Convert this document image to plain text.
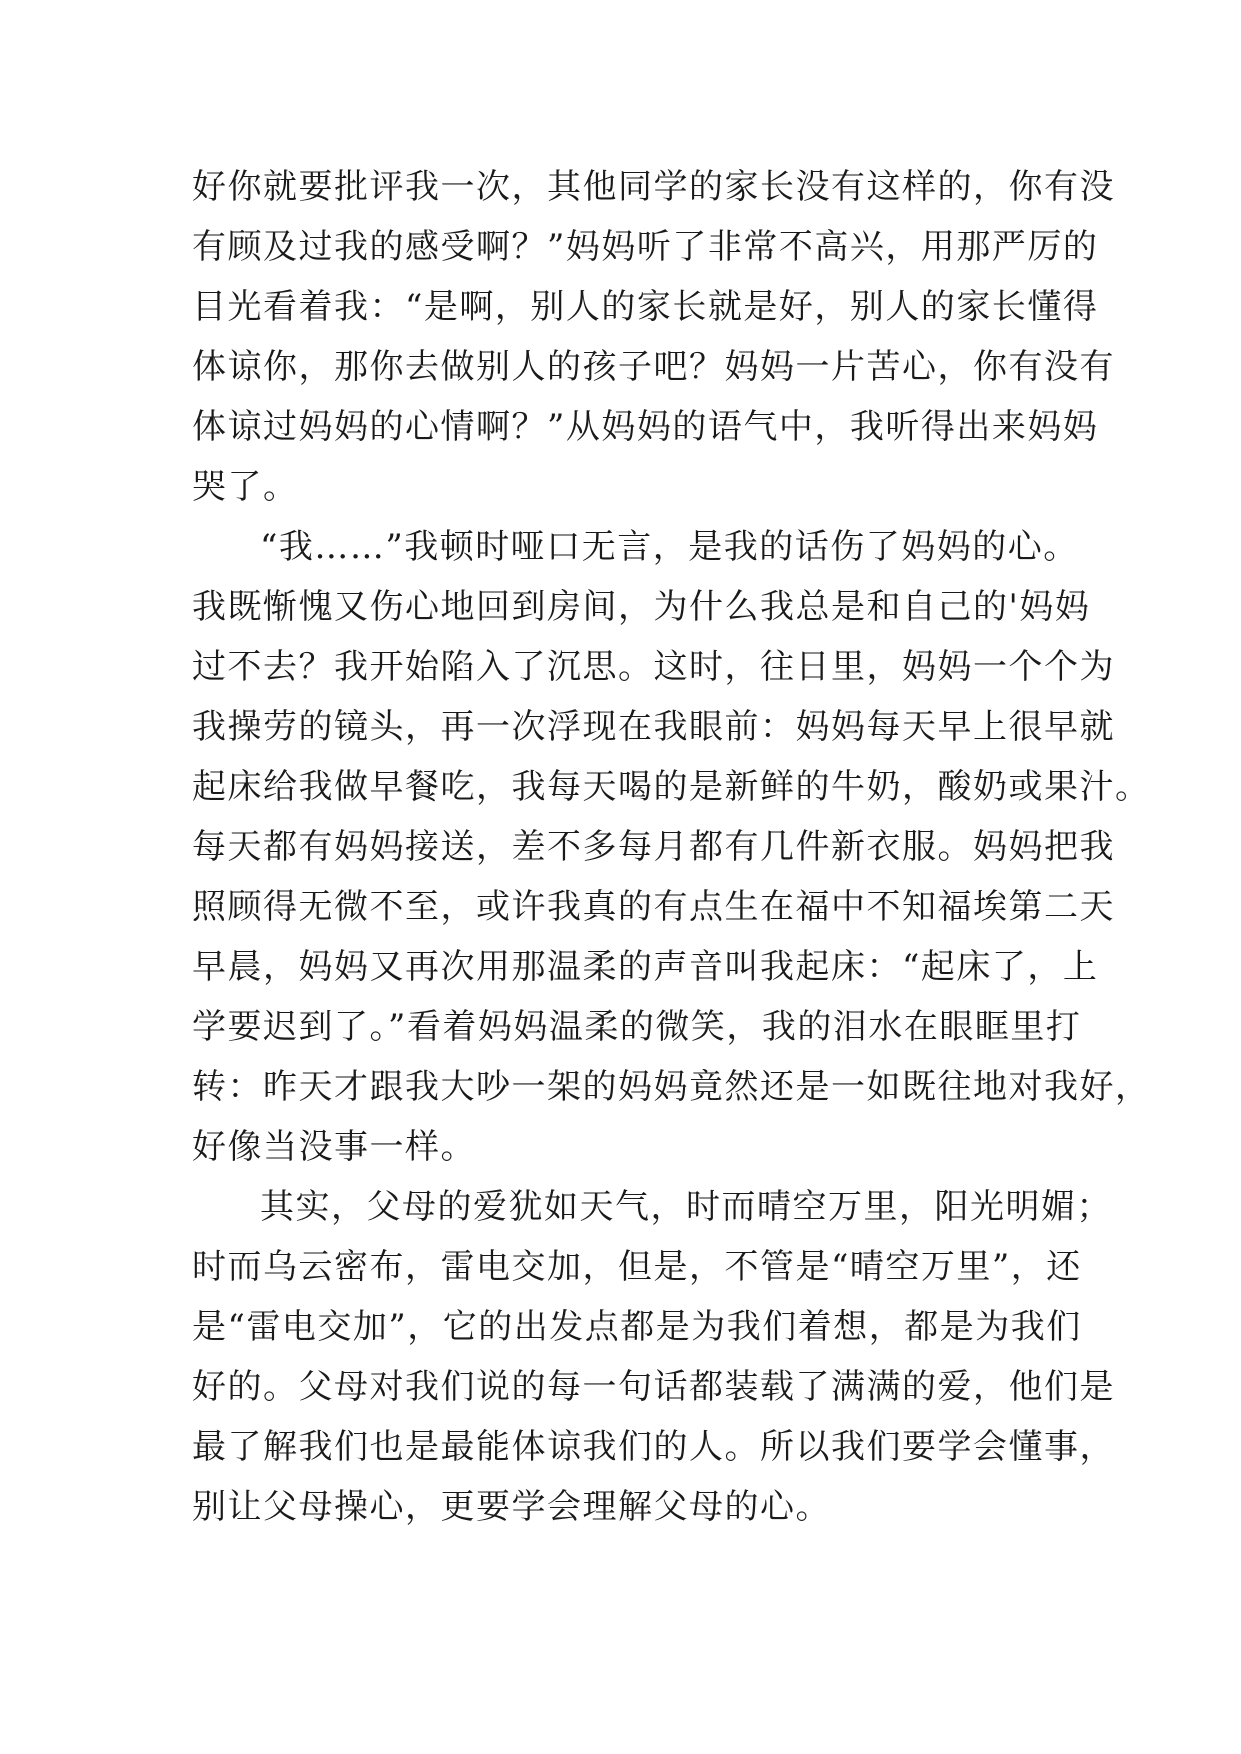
好你就要批评我一次，其他同学的家长没有这样的，你有没
有顾及过我的感受啊？”妈妈听了非常不高兴，用那严厉的
目光看着我：“是啊，别人的家长就是好，别人的家长懂得
体谅你，那你去做别人的孩子吧？妈妈一片苦心，你有没有
体谅过妈妈的心情啊？”从妈妈的语气中，我听得出来妈妈
哭了。

“我……”我顿时哑口无言，是我的话伤了妈妈的心。
我既惭愧又伤心地回到房间，为什么我总是和自己的'妈妈
过不去？我开始陷入了沉思。这时，往日里，妈妈一个个为
我操劳的镜头，再一次浮现在我眼前：妈妈每天早上很早就
起床给我做早餐吃，我每天喝的是新鲜的牛奶，酸奶或果汁。
每天都有妈妈接送，差不多每月都有几件新衣服。妈妈把我
照顾得无微不至，或许我真的有点生在福中不知福埃第二天
早晨，妈妈又再次用那温柔的声音叫我起床：“起床了，上
学要迟到了。”看着妈妈温柔的微笑，我的泪水在眼眶里打
转：昨天才跟我大吵一架的妈妈竟然还是一如既往地对我好，
好像当没事一样。

其实，父母的爱犹如天气，时而晴空万里，阳光明媚；
时而乌云密布，雷电交加，但是，不管是“晴空万里”，还
是“雷电交加”，它的出发点都是为我们着想，都是为我们
好的。父母对我们说的每一句话都装载了满满的爱，他们是
最了解我们也是最能体谅我们的人。所以我们要学会懂事，
别让父母操心，更要学会理解父母的心。
